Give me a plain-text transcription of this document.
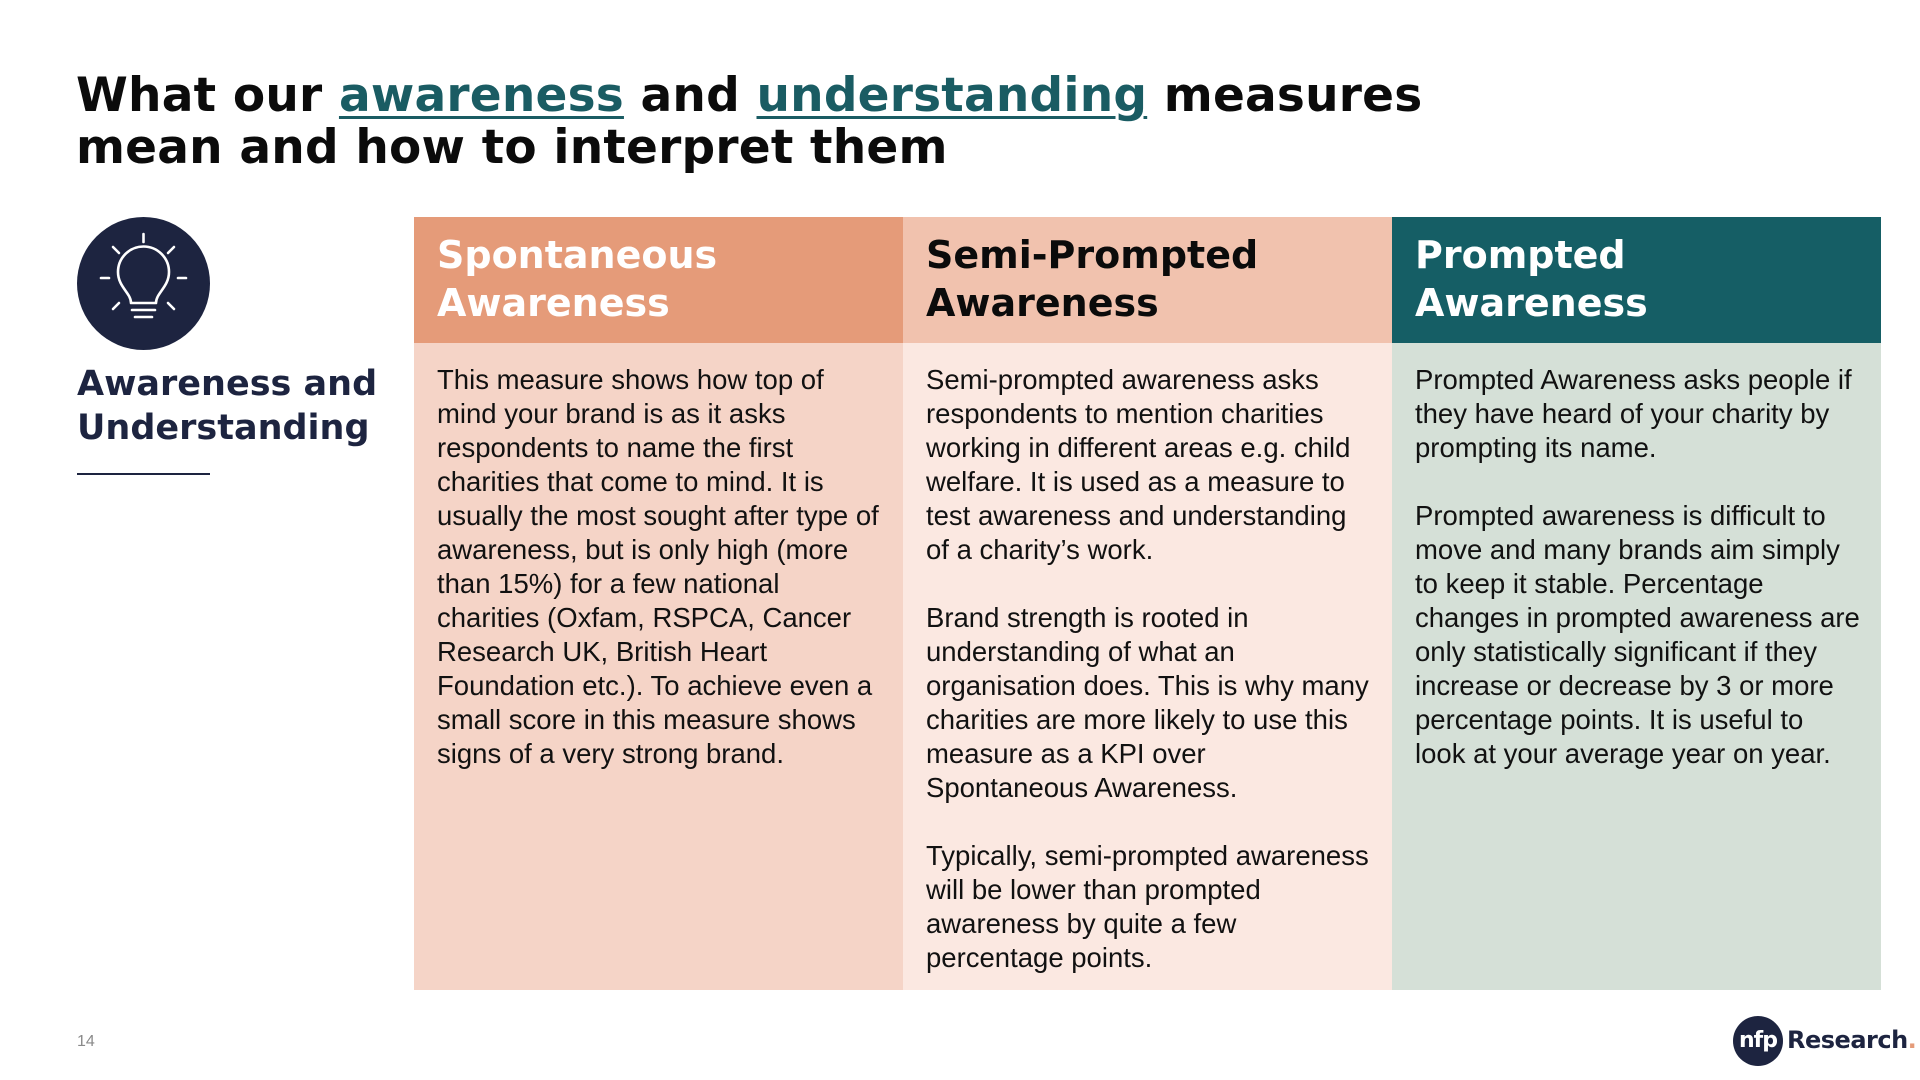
What our awareness and understanding measures mean and how to interpret them
Awareness and Understanding
Spontaneous Awareness

This measure shows how top of mind your brand is as it asks respondents to name the first charities that come to mind. It is usually the most sought after type of awareness, but is only high (more than 15%) for a few national charities (Oxfam, RSPCA, Cancer Research UK, British Heart Foundation etc.). To achieve even a small score in this measure shows signs of a very strong brand.

Semi-Prompted Awareness

Semi-prompted awareness asks respondents to mention charities working in different areas e.g. child welfare. It is used as a measure to test awareness and understanding of a charity’s work.

Brand strength is rooted in understanding of what an organisation does. This is why many charities are more likely to use this measure as a KPI over Spontaneous Awareness.

Typically, semi-prompted awareness will be lower than prompted awareness by quite a few percentage points.

Prompted Awareness

Prompted Awareness asks people if they have heard of your charity by prompting its name.

Prompted awareness is difficult to move and many brands aim simply to keep it stable. Percentage changes in prompted awareness are only statistically significant if they increase or decrease by 3 or more percentage points. It is useful to look at your average year on year.

14	nfp Research.
